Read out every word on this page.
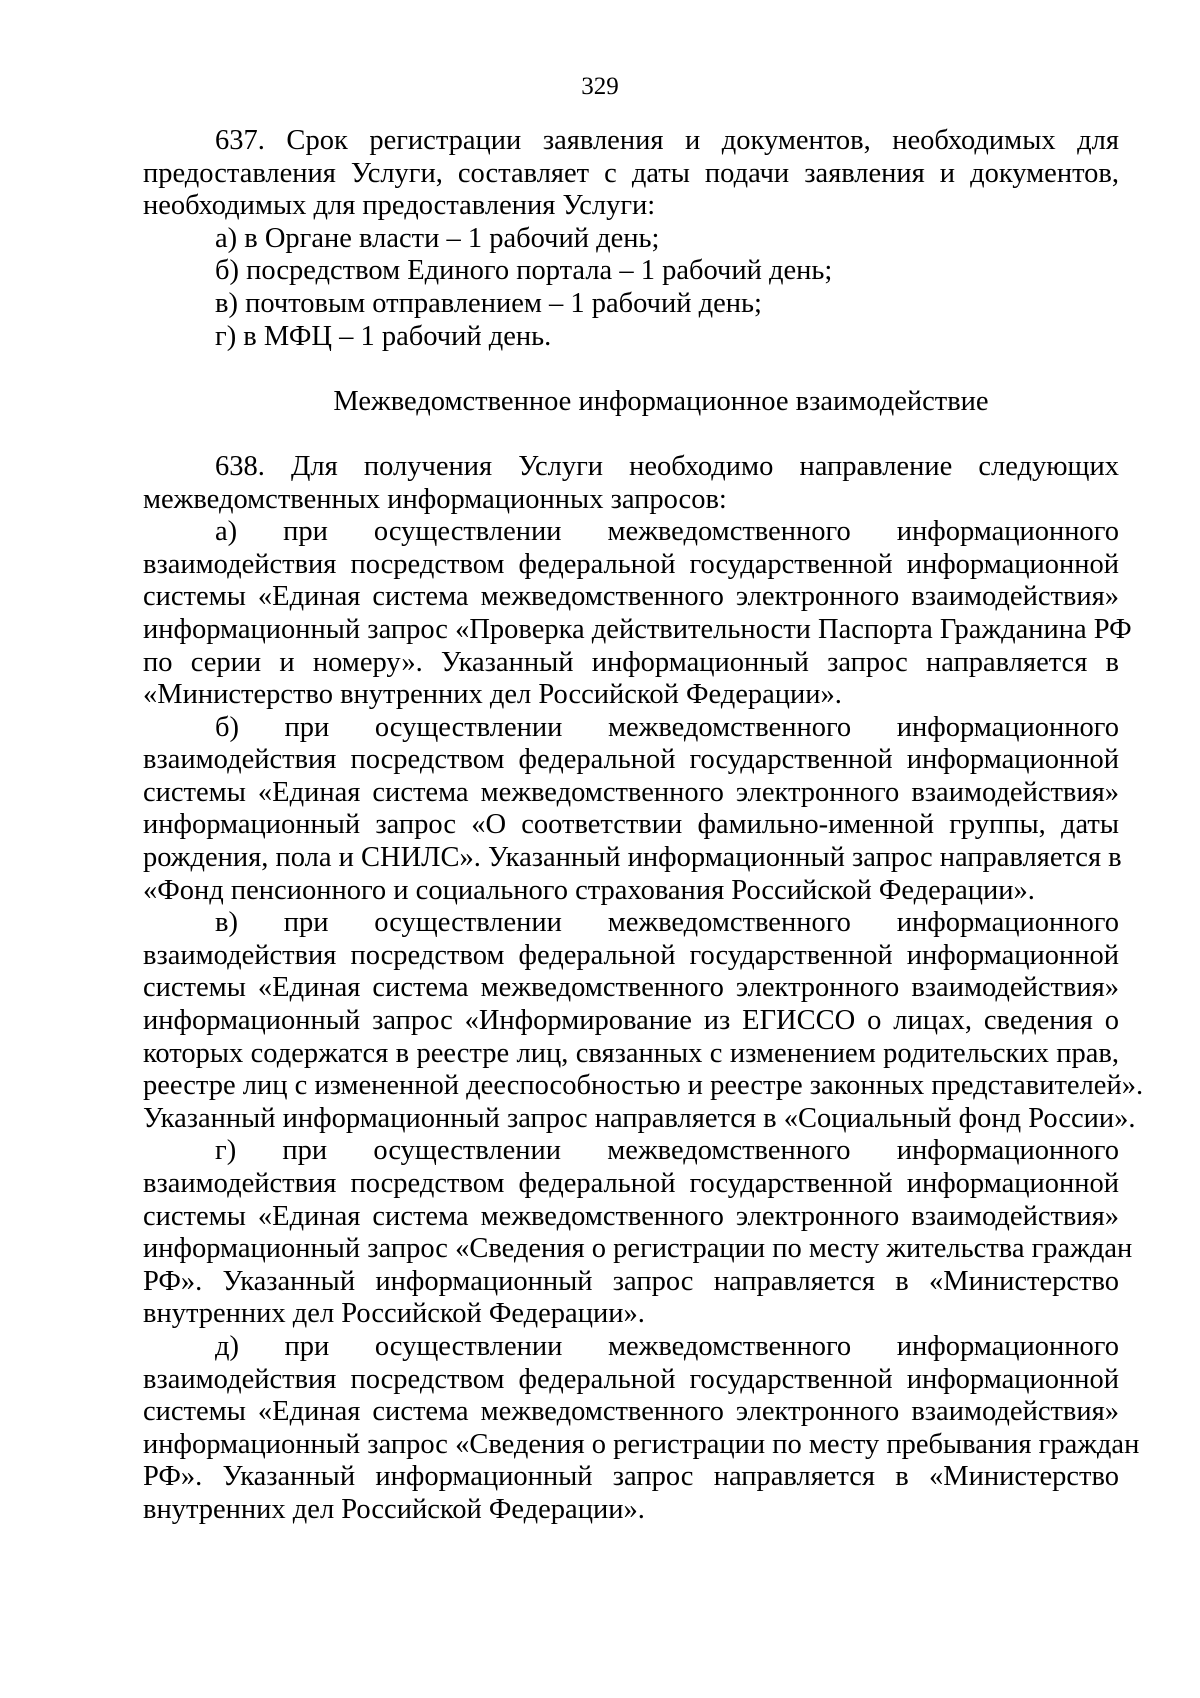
329
637. Срок регистрации заявления и документов, необходимых для
предоставления Услуги, составляет с даты подачи заявления и документов,
необходимых для предоставления Услуги:
а) в Органе власти – 1 рабочий день;
б) посредством Единого портала – 1 рабочий день;
в) почтовым отправлением – 1 рабочий день;
г) в МФЦ – 1 рабочий день.
Межведомственное информационное взаимодействие
638. Для получения Услуги необходимо направление следующих
межведомственных информационных запросов:
а) при осуществлении межведомственного информационного
взаимодействия посредством федеральной государственной информационной
системы «Единая система межведомственного электронного взаимодействия»
информационный запрос «Проверка действительности Паспорта Гражданина РФ
по серии и номеру». Указанный информационный запрос направляется в
«Министерство внутренних дел Российской Федерации».
б) при осуществлении межведомственного информационного
взаимодействия посредством федеральной государственной информационной
системы «Единая система межведомственного электронного взаимодействия»
информационный запрос «О соответствии фамильно-именной группы, даты
рождения, пола и СНИЛС». Указанный информационный запрос направляется в
«Фонд пенсионного и социального страхования Российской Федерации».
в) при осуществлении межведомственного информационного
взаимодействия посредством федеральной государственной информационной
системы «Единая система межведомственного электронного взаимодействия»
информационный запрос «Информирование из ЕГИССО о лицах, сведения о
которых содержатся в реестре лиц, связанных с изменением родительских прав,
реестре лиц с измененной дееспособностью и реестре законных представителей».
Указанный информационный запрос направляется в «Социальный фонд России».
г) при осуществлении межведомственного информационного
взаимодействия посредством федеральной государственной информационной
системы «Единая система межведомственного электронного взаимодействия»
информационный запрос «Сведения о регистрации по месту жительства граждан
РФ». Указанный информационный запрос направляется в «Министерство
внутренних дел Российской Федерации».
д) при осуществлении межведомственного информационного
взаимодействия посредством федеральной государственной информационной
системы «Единая система межведомственного электронного взаимодействия»
информационный запрос «Сведения о регистрации по месту пребывания граждан
РФ». Указанный информационный запрос направляется в «Министерство
внутренних дел Российской Федерации».
